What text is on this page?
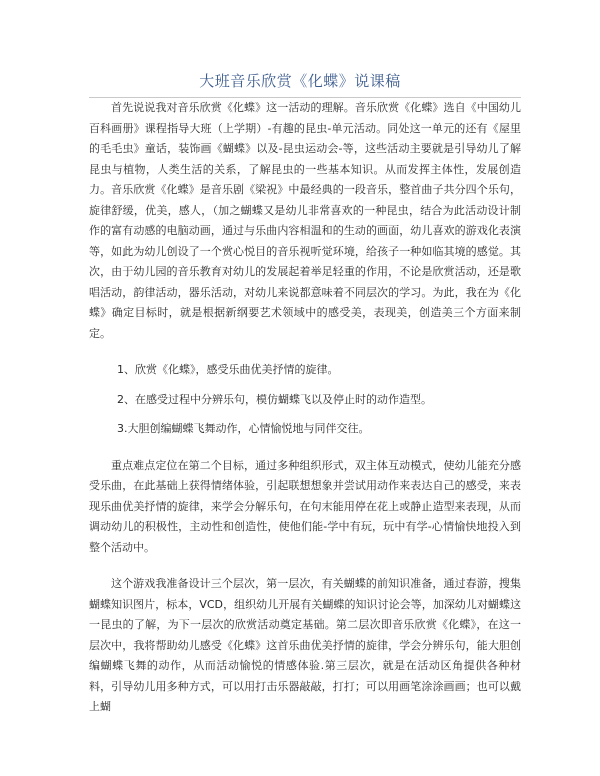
大班音乐欣赏《化蝶》说课稿

首先说说我对音乐欣赏《化蝶》这一活动的理解。音乐欣赏《化蝶》选自《中国幼儿百科画册》课程指导大班（上学期）-有趣的昆虫-单元活动。同处这一单元的还有《屋里的毛毛虫》童话，装饰画《蝴蝶》以及-昆虫运动会-等，这些活动主要就是引导幼儿了解昆虫与植物，人类生活的关系，了解昆虫的一些基本知识。从而发挥主体性，发展创造力。音乐欣赏《化蝶》是音乐剧《梁祝》中最经典的一段音乐，整首曲子共分四个乐句，旋律舒缓，优美，感人，（加之蝴蝶又是幼儿非常喜欢的一种昆虫，结合为此活动设计制作的富有动感的电脑动画，通过与乐曲内容相温和的生动的画面，幼儿喜欢的游戏化表演等，如此为幼儿创设了一个赏心悦目的音乐视听觉环境，给孩子一种如临其境的感觉。其次，由于幼儿园的音乐教育对幼儿的发展起着举足轻重的作用，不论是欣赏活动，还是歌唱活动，韵律活动，器乐活动，对幼儿来说都意味着不同层次的学习。为此，我在为《化蝶》确定目标时，就是根据新纲要艺术领域中的感受美，表现美，创造美三个方面来制定。

1、欣赏《化蝶》，感受乐曲优美抒情的旋律。

2、在感受过程中分辨乐句，模仿蝴蝶飞以及停止时的动作造型。

3.大胆创编蝴蝶飞舞动作，心情愉悦地与同伴交往。

重点难点定位在第二个目标，通过多种组织形式，双主体互动模式，使幼儿能充分感受乐曲，在此基础上获得情绪体验，引起联想想象并尝试用动作来表达自己的感受，来表现乐曲优美抒情的旋律，来学会分解乐句，在句末能用停在花上或静止造型来表现，从而调动幼儿的积极性，主动性和创造性，使他们能-学中有玩，玩中有学-心情愉快地投入到整个活动中。

这个游戏我准备设计三个层次，第一层次，有关蝴蝶的前知识准备，通过春游，搜集蝴蝶知识图片，标本，VCD，组织幼儿开展有关蝴蝶的知识讨论会等，加深幼儿对蝴蝶这一昆虫的了解，为下一层次的欣赏活动奠定基础。第二层次即音乐欣赏《化蝶》，在这一层次中，我将帮助幼儿感受《化蝶》这首乐曲优美抒情的旋律，学会分辨乐句，能大胆创编蝴蝶飞舞的动作，从而活动愉悦的情感体验.第三层次，就是在活动区角提供各种材料，引导幼儿用多种方式，可以用打击乐器敲敲，打打；可以用画笔涂涂画画；也可以戴上蝴
